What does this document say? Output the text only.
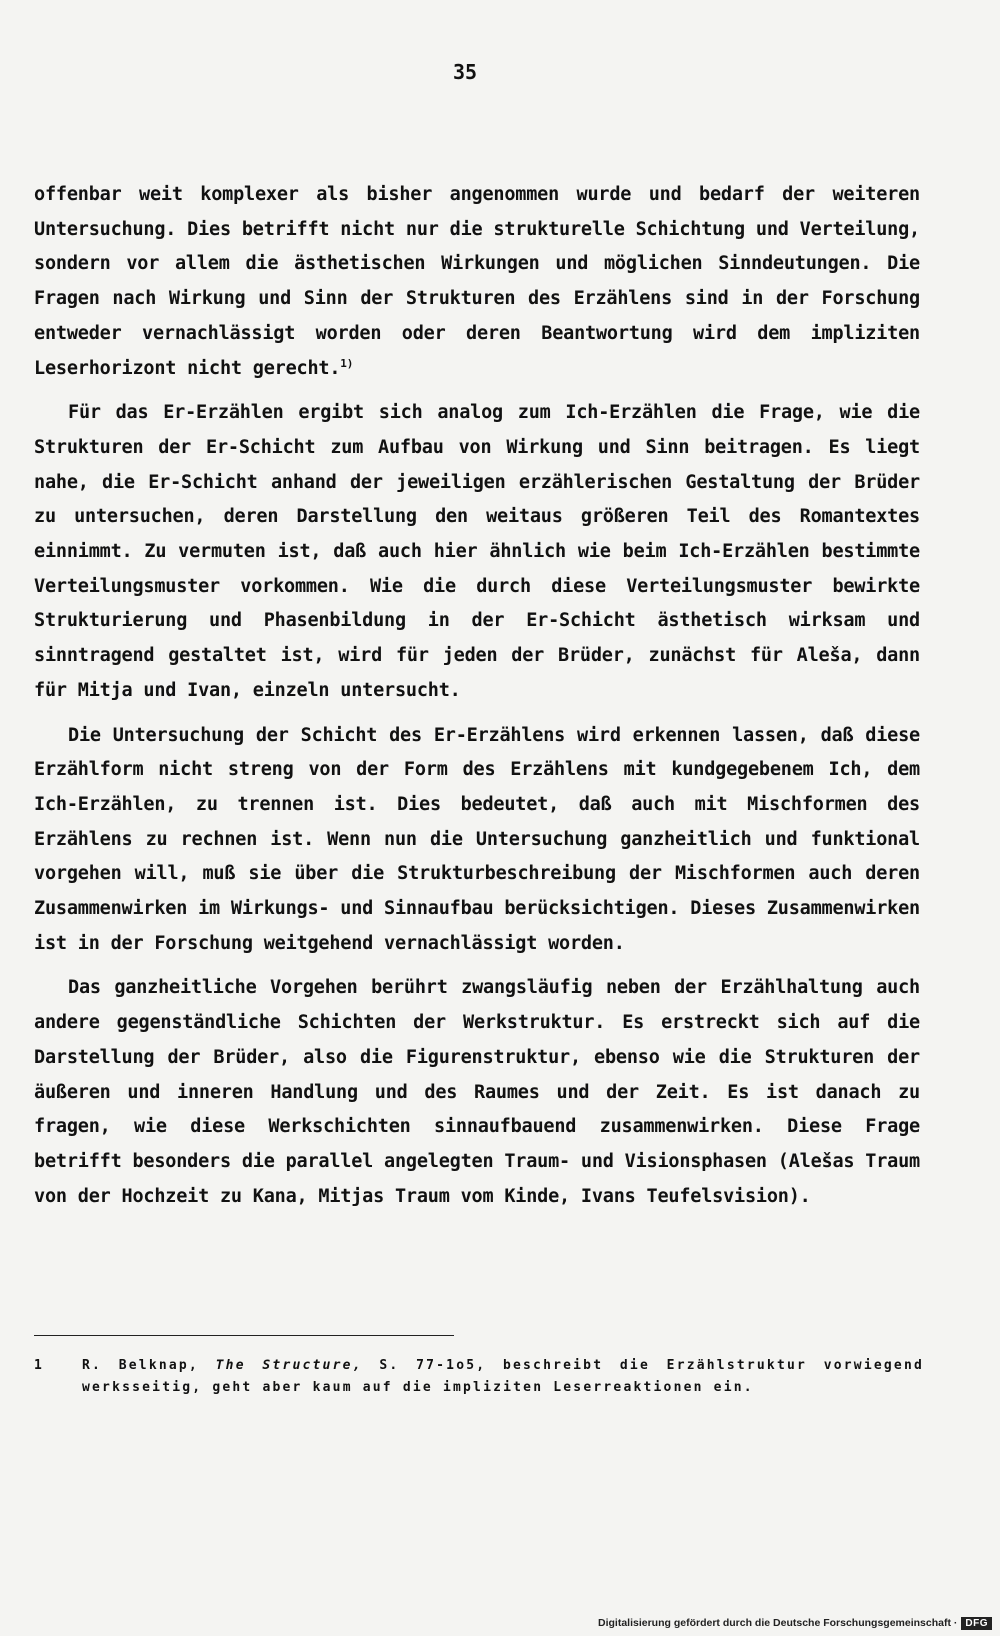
35

offenbar weit komplexer als bisher angenommen wurde und bedarf der weiteren Untersuchung. Dies betrifft nicht nur die strukturelle Schichtung und Verteilung, sondern vor allem die ästhetischen Wirkungen und möglichen Sinndeutungen. Die Fragen nach Wirkung und Sinn der Strukturen des Erzählens sind in der Forschung entweder vernachlässigt worden oder deren Beantwortung wird dem impliziten Leserhorizont nicht gerecht.$^{1)}$

Für das Er-Erzählen ergibt sich analog zum Ich-Erzählen die Frage, wie die Strukturen der Er-Schicht zum Aufbau von Wirkung und Sinn beitragen. Es liegt nahe, die Er-Schicht anhand der jeweiligen erzählerischen Gestaltung der Brüder zu untersuchen, deren Darstellung den weitaus größeren Teil des Romantextes einnimmt. Zu vermuten ist, daß auch hier ähnlich wie beim Ich-Erzählen bestimmte Verteilungsmuster vorkommen. Wie die durch diese Verteilungsmuster bewirkte Strukturierung und Phasenbildung in der Er-Schicht ästhetisch wirksam und sinntragend gestaltet ist, wird für jeden der Brüder, zunächst für Aleša, dann für Mitja und Ivan, einzeln untersucht.

Die Untersuchung der Schicht des Er-Erzählens wird erkennen lassen, daß diese Erzählform nicht streng von der Form des Erzählens mit kundgegebenem Ich, dem Ich-Erzählen, zu trennen ist. Dies bedeutet, daß auch mit Mischformen des Erzählens zu rechnen ist. Wenn nun die Untersuchung ganzheitlich und funktional vorgehen will, muß sie über die Strukturbeschreibung der Mischformen auch deren Zusammenwirken im Wirkungs- und Sinnaufbau berücksichtigen. Dieses Zusammenwirken ist in der Forschung weitgehend vernachlässigt worden.

Das ganzheitliche Vorgehen berührt zwangsläufig neben der Erzählhaltung auch andere gegenständliche Schichten der Werkstruktur. Es erstreckt sich auf die Darstellung der Brüder, also die Figurenstruktur, ebenso wie die Strukturen der äußeren und inneren Handlung und des Raumes und der Zeit. Es ist danach zu fragen, wie diese Werkschichten sinnaufbauend zusammenwirken. Diese Frage betrifft besonders die parallel angelegten Traum- und Visionsphasen (Alešas Traum von der Hochzeit zu Kana, Mitjas Traum vom Kinde, Ivans Teufelsvision).

1	R. Belknap, The Structure, S. 77-1o5, beschreibt die Erzählstruktur vorwiegend werksseitig, geht aber kaum auf die impliziten Leserreaktionen ein.
Digitalisierung gefördert durch die Deutsche Forschungsgemeinschaft · DFG
